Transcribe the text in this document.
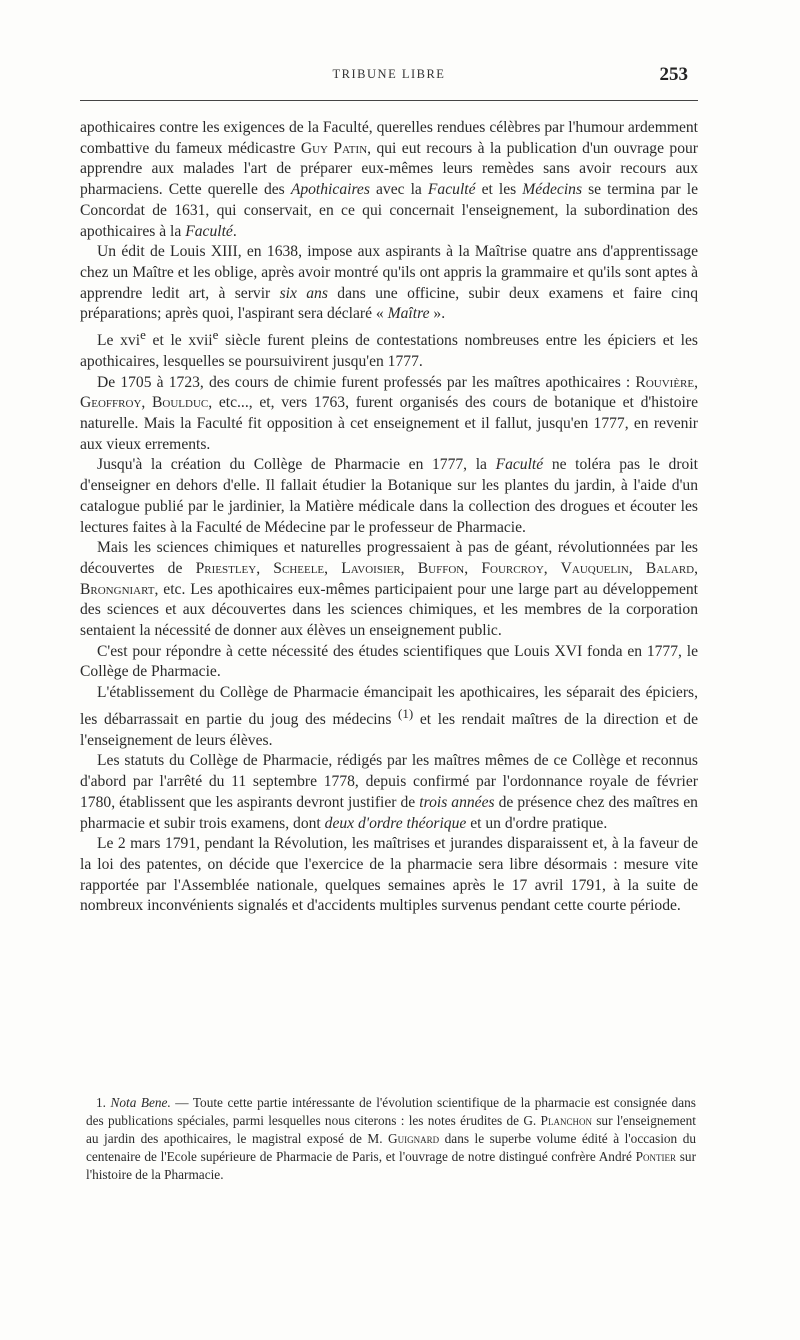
TRIBUNE LIBRE	253

apothicaires contre les exigences de la Faculté, querelles rendues célèbres par l'humour ardemment combattive du fameux médicastre Guy Patin, qui eut recours à la publication d'un ouvrage pour apprendre aux malades l'art de préparer eux-mêmes leurs remèdes sans avoir recours aux pharmaciens. Cette querelle des Apothicaires avec la Faculté et les Médecins se termina par le Concordat de 1631, qui conservait, en ce qui concernait l'enseignement, la subordination des apothicaires à la Faculté.

Un édit de Louis XIII, en 1638, impose aux aspirants à la Maîtrise quatre ans d'apprentissage chez un Maître et les oblige, après avoir montré qu'ils ont appris la grammaire et qu'ils sont aptes à apprendre ledit art, à servir six ans dans une officine, subir deux examens et faire cinq préparations; après quoi, l'aspirant sera déclaré « Maître ».

Le xvi$^e$ et le xvii$^e$ siècle furent pleins de contestations nombreuses entre les épiciers et les apothicaires, lesquelles se poursuivirent jusqu'en 1777.

De 1705 à 1723, des cours de chimie furent professés par les maîtres apothicaires : Rouvière, Geoffroy, Boulduc, etc..., et, vers 1763, furent organisés des cours de botanique et d'histoire naturelle. Mais la Faculté fit opposition à cet enseignement et il fallut, jusqu'en 1777, en revenir aux vieux errements.

Jusqu'à la création du Collège de Pharmacie en 1777, la Faculté ne toléra pas le droit d'enseigner en dehors d'elle. Il fallait étudier la Botanique sur les plantes du jardin, à l'aide d'un catalogue publié par le jardinier, la Matière médicale dans la collection des drogues et écouter les lectures faites à la Faculté de Médecine par le professeur de Pharmacie.

Mais les sciences chimiques et naturelles progressaient à pas de géant, révolutionnées par les découvertes de Priestley, Scheele, Lavoisier, Buffon, Fourcroy, Vauquelin, Balard, Brongniart, etc. Les apothicaires eux-mêmes participaient pour une large part au développement des sciences et aux découvertes dans les sciences chimiques, et les membres de la corporation sentaient la nécessité de donner aux élèves un enseignement public.

C'est pour répondre à cette nécessité des études scientifiques que Louis XVI fonda en 1777, le Collège de Pharmacie.

L'établissement du Collège de Pharmacie émancipait les apothicaires, les séparait des épiciers, les débarrassait en partie du joug des médecins $^{(1)}$ et les rendait maîtres de la direction et de l'enseignement de leurs élèves.

Les statuts du Collège de Pharmacie, rédigés par les maîtres mêmes de ce Collège et reconnus d'abord par l'arrêté du 11 septembre 1778, depuis confirmé par l'ordonnance royale de février 1780, établissent que les aspirants devront justifier de trois années de présence chez des maîtres en pharmacie et subir trois examens, dont deux d'ordre théorique et un d'ordre pratique.

Le 2 mars 1791, pendant la Révolution, les maîtrises et jurandes disparaissent et, à la faveur de la loi des patentes, on décide que l'exercice de la pharmacie sera libre désormais : mesure vite rapportée par l'Assemblée nationale, quelques semaines après le 17 avril 1791, à la suite de nombreux inconvénients signalés et d'accidents multiples survenus pendant cette courte période.

1. Nota Bene. — Toute cette partie intéressante de l'évolution scientifique de la pharmacie est consignée dans des publications spéciales, parmi lesquelles nous citerons : les notes érudites de G. Planchon sur l'enseignement au jardin des apothicaires, le magistral exposé de M. Guignard dans le superbe volume édité à l'occasion du centenaire de l'Ecole supérieure de Pharmacie de Paris, et l'ouvrage de notre distingué confrère André Pontier sur l'histoire de la Pharmacie.
